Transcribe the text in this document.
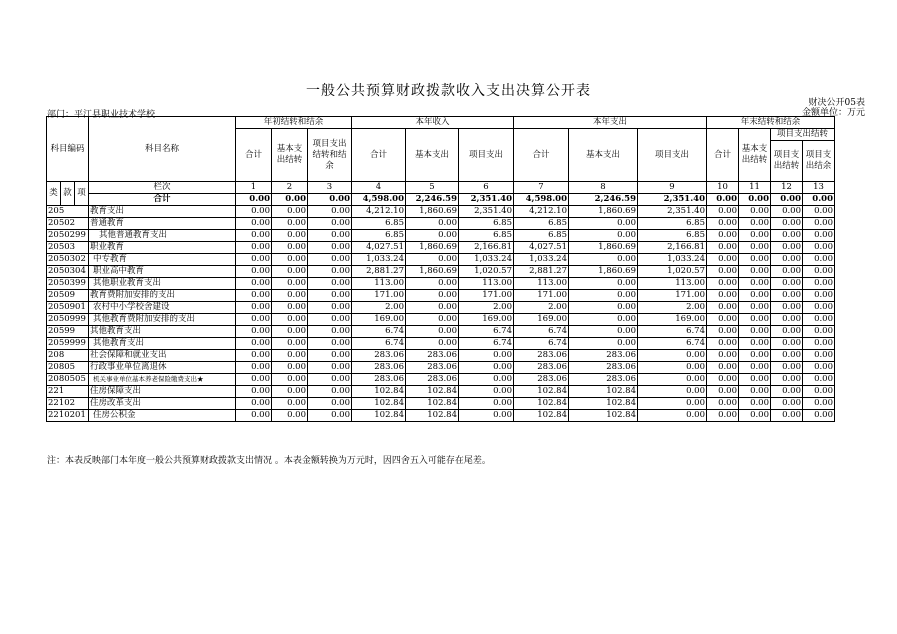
一般公共预算财政拨款收入支出决算公开表
财决公开05表
金额单位：万元
部门：平江县职业技术学校
科目编码			科目名称	年初结转和结余			本年收入			本年支出			年末结转和结余			
				合计	基本支出结转	项目支出结转和结余	合计	基本支出	项目支出	合计	基本支出	项目支出	合计	基本支出结转	项目支出结转	
															项目支出结转	项目支出结余
类	款	项	栏次	1	2	3	4	5	6	7	8	9	10	11	12	13
			合计	0.00	0.00	0.00	4,598.00	2,246.59	2,351.40	4,598.00	2,246.59	2,351.40	0.00	0.00	0.00	0.00
205			教育支出	0.00	0.00	0.00	4,212.10	1,860.69	2,351.40	4,212.10	1,860.69	2,351.40	0.00	0.00	0.00	0.00
20502			普通教育	0.00	0.00	0.00	6.85	0.00	6.85	6.85	0.00	6.85	0.00	0.00	0.00	0.00
2050299			其他普通教育支出	0.00	0.00	0.00	6.85	0.00	6.85	6.85	0.00	6.85	0.00	0.00	0.00	0.00
20503			职业教育	0.00	0.00	0.00	4,027.51	1,860.69	2,166.81	4,027.51	1,860.69	2,166.81	0.00	0.00	0.00	0.00
2050302			中专教育	0.00	0.00	0.00	1,033.24	0.00	1,033.24	1,033.24	0.00	1,033.24	0.00	0.00	0.00	0.00
2050304			职业高中教育	0.00	0.00	0.00	2,881.27	1,860.69	1,020.57	2,881.27	1,860.69	1,020.57	0.00	0.00	0.00	0.00
2050399			其他职业教育支出	0.00	0.00	0.00	113.00	0.00	113.00	113.00	0.00	113.00	0.00	0.00	0.00	0.00
20509			教育费附加安排的支出	0.00	0.00	0.00	171.00	0.00	171.00	171.00	0.00	171.00	0.00	0.00	0.00	0.00
2050901			农村中小学校舍建设	0.00	0.00	0.00	2.00	0.00	2.00	2.00	0.00	2.00	0.00	0.00	0.00	0.00
2050999			其他教育费附加安排的支出	0.00	0.00	0.00	169.00	0.00	169.00	169.00	0.00	169.00	0.00	0.00	0.00	0.00
20599			其他教育支出	0.00	0.00	0.00	6.74	0.00	6.74	6.74	0.00	6.74	0.00	0.00	0.00	0.00
2059999			其他教育支出	0.00	0.00	0.00	6.74	0.00	6.74	6.74	0.00	6.74	0.00	0.00	0.00	0.00
208			社会保障和就业支出	0.00	0.00	0.00	283.06	283.06	0.00	283.06	283.06	0.00	0.00	0.00	0.00	0.00
20805			行政事业单位离退休	0.00	0.00	0.00	283.06	283.06	0.00	283.06	283.06	0.00	0.00	0.00	0.00	0.00
2080505			机关事业单位基本养老保险缴费支出★	0.00	0.00	0.00	283.06	283.06	0.00	283.06	283.06	0.00	0.00	0.00	0.00	0.00
221			住房保障支出	0.00	0.00	0.00	102.84	102.84	0.00	102.84	102.84	0.00	0.00	0.00	0.00	0.00
22102			住房改革支出	0.00	0.00	0.00	102.84	102.84	0.00	102.84	102.84	0.00	0.00	0.00	0.00	0.00
2210201			住房公积金	0.00	0.00	0.00	102.84	102.84	0.00	102.84	102.84	0.00	0.00	0.00	0.00	0.00
注：本表反映部门本年度一般公共预算财政拨款支出情况 。本表金额转换为万元时，因四舍五入可能存在尾差。
